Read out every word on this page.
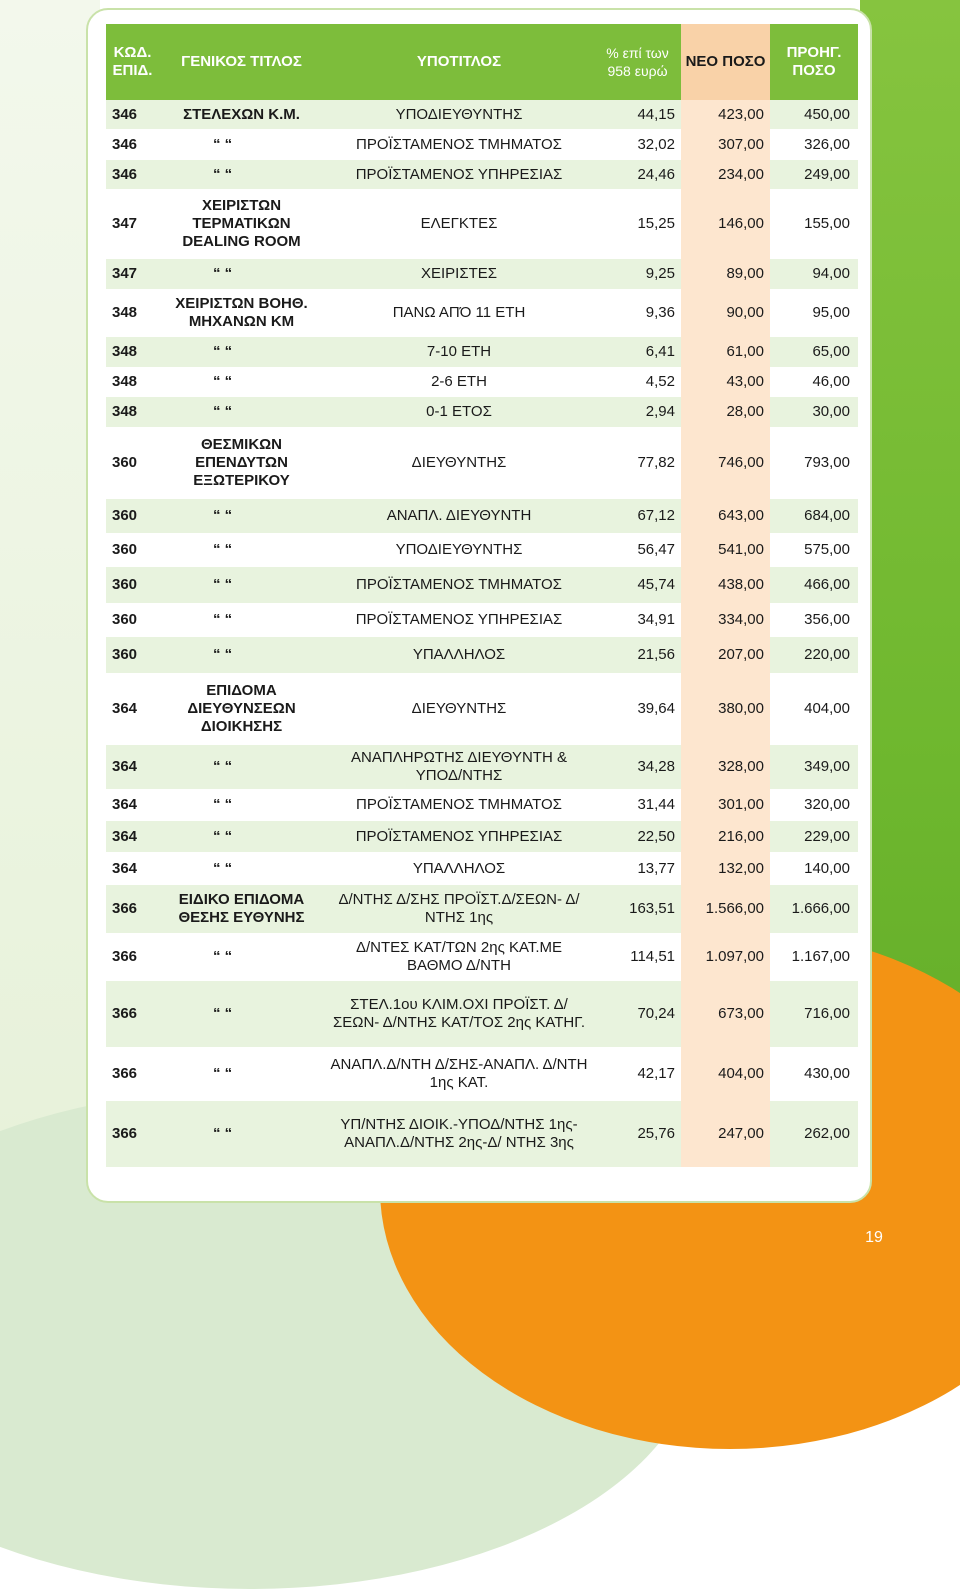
ΚΩΔ. ΕΠΙΔ.	ΓΕΝΙΚΟΣ ΤΙΤΛΟΣ	ΥΠΟΤΙΤΛΟΣ	% επί των 958 ευρώ	ΝΕΟ ΠΟΣΟ	ΠΡΟΗΓ. ΠΟΣΟ
346	ΣΤΕΛΕΧΩΝ Κ.Μ.	ΥΠΟΔΙΕΥΘΥΝΤΗΣ	44,15	423,00	450,00
346	“ “	ΠΡΟΪΣΤΑΜΕΝΟΣ ΤΜΗΜΑΤΟΣ	32,02	307,00	326,00
346	“ “	ΠΡΟΪΣΤΑΜΕΝΟΣ ΥΠΗΡΕΣΙΑΣ	24,46	234,00	249,00
347	ΧΕΙΡΙΣΤΩΝ ΤΕΡΜΑΤΙΚΩΝ DEALING ROOM	ΕΛΕΓΚΤΕΣ	15,25	146,00	155,00
347	“ “	ΧΕΙΡΙΣΤΕΣ	9,25	89,00	94,00
348	ΧΕΙΡΙΣΤΩΝ ΒΟΗΘ. ΜΗΧΑΝΩΝ ΚΜ	ΠΑΝΩ ΑΠΌ 11 ΕΤΗ	9,36	90,00	95,00
348	“ “	7-10 ΕΤΗ	6,41	61,00	65,00
348	“ “	2-6 ΕΤΗ	4,52	43,00	46,00
348	“ “	0-1 ΕΤΟΣ	2,94	28,00	30,00
360	ΘΕΣΜΙΚΩΝ ΕΠΕΝΔΥΤΩΝ ΕΞΩΤΕΡΙΚΟΥ	ΔΙΕΥΘΥΝΤΗΣ	77,82	746,00	793,00
360	“ “	ΑΝΑΠΛ. ΔΙΕΥΘΥΝΤΗ	67,12	643,00	684,00
360	“ “	ΥΠΟΔΙΕΥΘΥΝΤΗΣ	56,47	541,00	575,00
360	“ “	ΠΡΟΪΣΤΑΜΕΝΟΣ ΤΜΗΜΑΤΟΣ	45,74	438,00	466,00
360	“ “	ΠΡΟΪΣΤΑΜΕΝΟΣ ΥΠΗΡΕΣΙΑΣ	34,91	334,00	356,00
360	“ “	ΥΠΑΛΛΗΛΟΣ	21,56	207,00	220,00
364	ΕΠΙΔΟΜΑ ΔΙΕΥΘΥΝΣΕΩΝ ΔΙΟΙΚΗΣΗΣ	ΔΙΕΥΘΥΝΤΗΣ	39,64	380,00	404,00
364	“ “	ΑΝΑΠΛΗΡΩΤΗΣ ΔΙΕΥΘΥΝΤΗ & ΥΠΟΔ/ΝΤΗΣ	34,28	328,00	349,00
364	“ “	ΠΡΟΪΣΤΑΜΕΝΟΣ ΤΜΗΜΑΤΟΣ	31,44	301,00	320,00
364	“ “	ΠΡΟΪΣΤΑΜΕΝΟΣ ΥΠΗΡΕΣΙΑΣ	22,50	216,00	229,00
364	“ “	ΥΠΑΛΛΗΛΟΣ	13,77	132,00	140,00
366	ΕΙΔΙΚΟ ΕΠΙΔΟΜΑ ΘΕΣΗΣ ΕΥΘΥΝΗΣ	Δ/ΝΤΗΣ Δ/ΣΗΣ ΠΡΟΪΣΤ.Δ/ΣΕΩΝ- Δ/ΝΤΗΣ 1ης	163,51	1.566,00	1.666,00
366	“ “	Δ/ΝΤΕΣ ΚΑΤ/ΤΩΝ 2ης ΚΑΤ.ΜΕ ΒΑΘΜΟ Δ/ΝΤΗ	114,51	1.097,00	1.167,00
366	“ “	ΣΤΕΛ.1ου ΚΛΙΜ.ΟΧΙ ΠΡΟΪΣΤ. Δ/ΣΕΩΝ- Δ/ΝΤΗΣ ΚΑΤ/ΤΟΣ 2ης ΚΑΤΗΓ.	70,24	673,00	716,00
366	“ “	ΑΝΑΠΛ.Δ/ΝΤΗ Δ/ΣΗΣ-ΑΝΑΠΛ. Δ/ΝΤΗ 1ης ΚΑΤ.	42,17	404,00	430,00
366	“ “	ΥΠ/ΝΤΗΣ ΔΙΟΙΚ.-ΥΠΟΔ/ΝΤΗΣ 1ης- ΑΝΑΠΛ.Δ/ΝΤΗΣ 2ης-Δ/ ΝΤΗΣ 3ης	25,76	247,00	262,00
19
